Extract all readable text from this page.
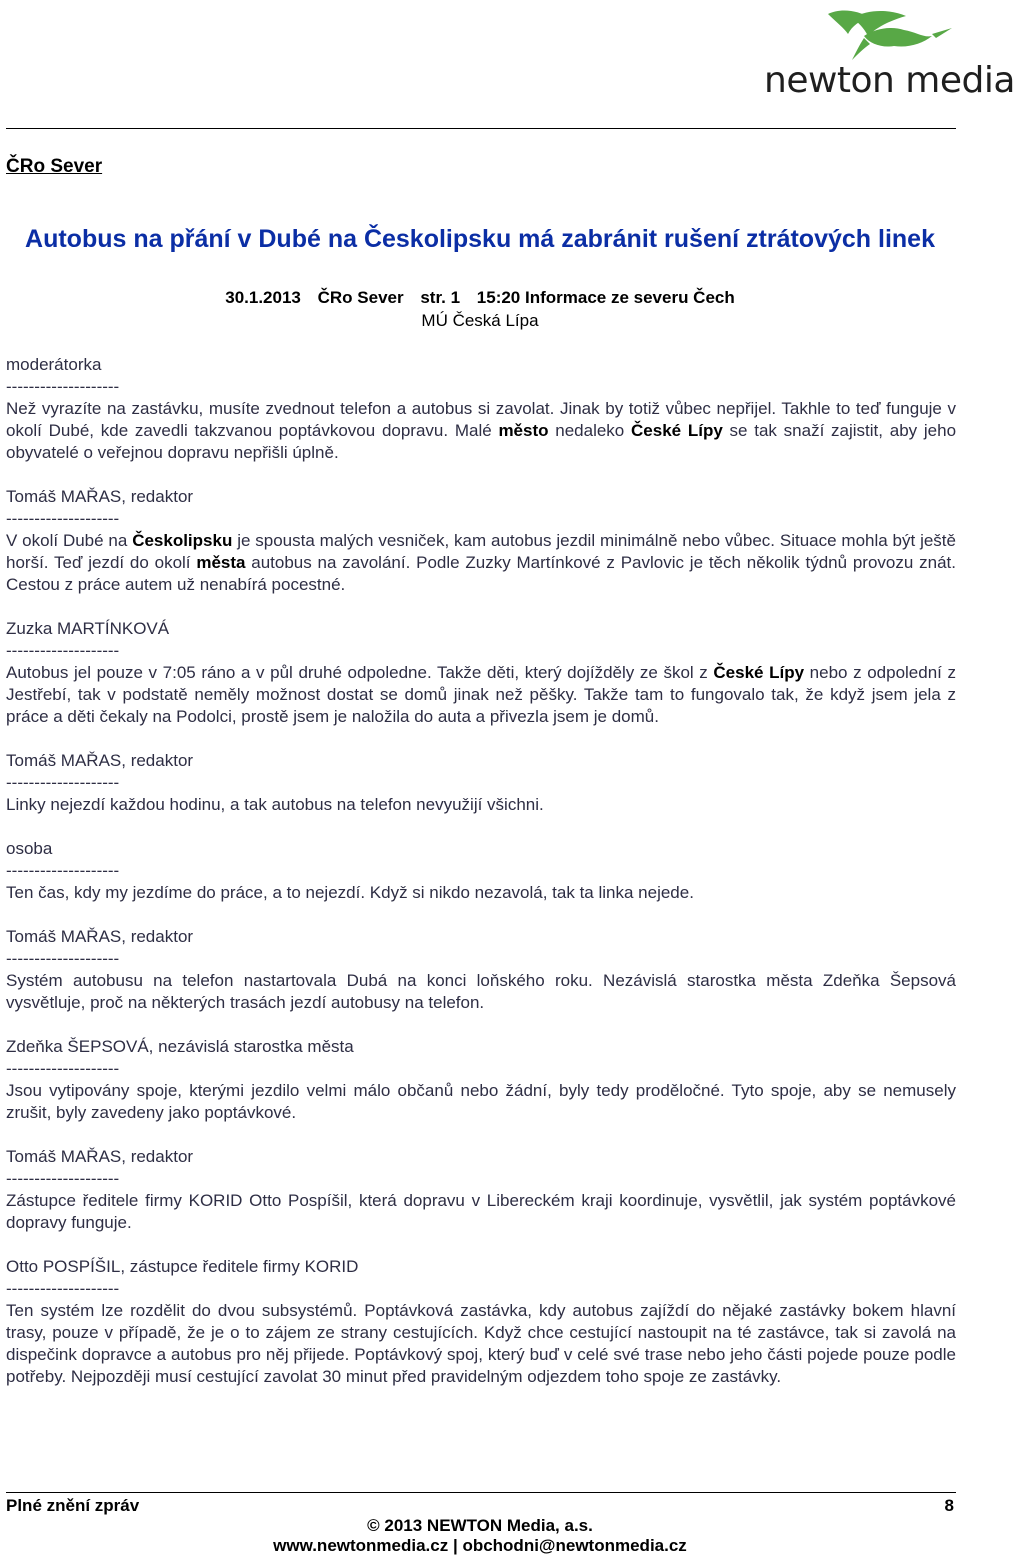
newton media
ČRo Sever
Autobus na přání v Dubé na Českolipsku má zabránit rušení ztrátových linek
30.1.2013 ČRo Sever str. 1 15:20 Informace ze severu Čech
MÚ Česká Lípa

moderátorka

--------------------

Než vyrazíte na zastávku, musíte zvednout telefon a autobus si zavolat. Jinak by totiž vůbec nepřijel. Takhle to teď funguje v okolí Dubé, kde zavedli takzvanou poptávkovou dopravu. Malé město nedaleko České Lípy se tak snaží zajistit, aby jeho obyvatelé o veřejnou dopravu nepřišli úplně.

Tomáš MAŘAS, redaktor

--------------------

V okolí Dubé na Českolipsku je spousta malých vesniček, kam autobus jezdil minimálně nebo vůbec. Situace mohla být ještě horší. Teď jezdí do okolí města autobus na zavolání. Podle Zuzky Martínkové z Pavlovic je těch několik týdnů provozu znát. Cestou z práce autem už nenabírá pocestné.

Zuzka MARTÍNKOVÁ

--------------------

Autobus jel pouze v 7:05 ráno a v půl druhé odpoledne. Takže děti, který dojížděly ze škol z České Lípy nebo z odpolední z Jestřebí, tak v podstatě neměly možnost dostat se domů jinak než pěšky. Takže tam to fungovalo tak, že když jsem jela z práce a děti čekaly na Podolci, prostě jsem je naložila do auta a přivezla jsem je domů.

Tomáš MAŘAS, redaktor

--------------------

Linky nejezdí každou hodinu, a tak autobus na telefon nevyužijí všichni.

osoba

--------------------

Ten čas, kdy my jezdíme do práce, a to nejezdí. Když si nikdo nezavolá, tak ta linka nejede.

Tomáš MAŘAS, redaktor

--------------------

Systém autobusu na telefon nastartovala Dubá na konci loňského roku. Nezávislá starostka města Zdeňka Šepsová vysvětluje, proč na některých trasách jezdí autobusy na telefon.

Zdeňka ŠEPSOVÁ, nezávislá starostka města

--------------------

Jsou vytipovány spoje, kterými jezdilo velmi málo občanů nebo žádní, byly tedy proděločné. Tyto spoje, aby se nemusely zrušit, byly zavedeny jako poptávkové.

Tomáš MAŘAS, redaktor

--------------------

Zástupce ředitele firmy KORID Otto Pospíšil, která dopravu v Libereckém kraji koordinuje, vysvětlil, jak systém poptávkové dopravy funguje.

Otto POSPÍŠIL, zástupce ředitele firmy KORID

--------------------

Ten systém lze rozdělit do dvou subsystémů. Poptávková zastávka, kdy autobus zajíždí do nějaké zastávky bokem hlavní trasy, pouze v případě, že je o to zájem ze strany cestujících. Když chce cestující nastoupit na té zastávce, tak si zavolá na dispečink dopravce a autobus pro něj přijede. Poptávkový spoj, který buď v celé své trase nebo jeho části pojede pouze podle potřeby. Nejpozději musí cestující zavolat 30 minut před pravidelným odjezdem toho spoje ze zastávky.

Plné znění zpráv	8
© 2013 NEWTON Media, a.s.
www.newtonmedia.cz | obchodni@newtonmedia.cz
